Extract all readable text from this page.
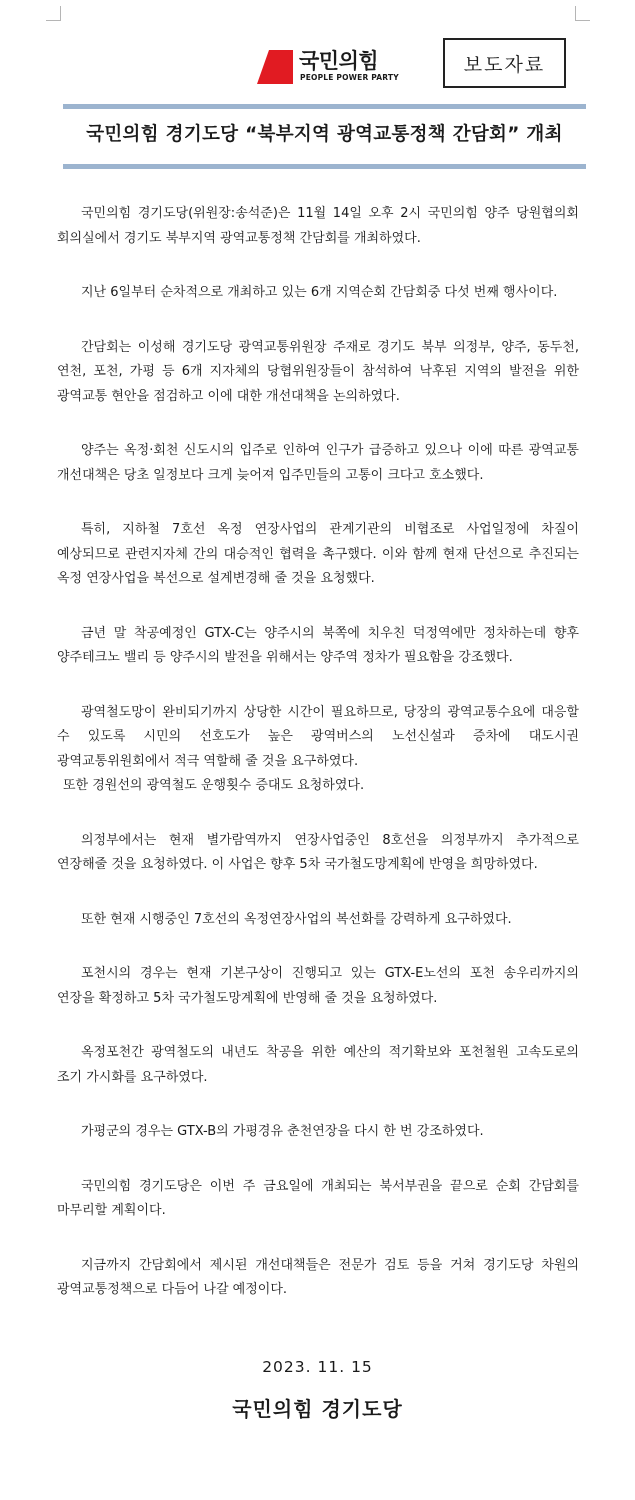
국민의힘
PEOPLE POWER PARTY
보도자료
국민의힘 경기도당 “북부지역 광역교통정책 간담회” 개최

국민의힘 경기도당(위원장:송석준)은 11월 14일 오후 2시 국민의힘 양주 당원협의회 회의실에서 경기도 북부지역 광역교통정책 간담회를 개최하였다.

지난 6일부터 순차적으로 개최하고 있는 6개 지역순회 간담회중 다섯 번째 행사이다.

간담회는 이성해 경기도당 광역교통위원장 주재로 경기도 북부 의정부, 양주, 동두천, 연천, 포천, 가평 등 6개 지자체의 당협위원장들이 참석하여 낙후된 지역의 발전을 위한 광역교통 현안을 점검하고 이에 대한 개선대책을 논의하였다.

양주는 옥정·회천 신도시의 입주로 인하여 인구가 급증하고 있으나 이에 따른 광역교통 개선대책은 당초 일정보다 크게 늦어져 입주민들의 고통이 크다고 호소했다.

특히, 지하철 7호선 옥정 연장사업의 관계기관의 비협조로 사업일정에 차질이 예상되므로 관련지자체 간의 대승적인 협력을 촉구했다. 이와 함께 현재 단선으로 추진되는 옥정 연장사업을 복선으로 설계변경해 줄 것을 요청했다.

금년 말 착공예정인 GTX-C는 양주시의 북쪽에 치우친 덕정역에만 정차하는데 향후 양주테크노 밸리 등 양주시의 발전을 위해서는 양주역 정차가 필요함을 강조했다.

광역철도망이 완비되기까지 상당한 시간이 필요하므로, 당장의 광역교통수요에 대응할 수 있도록 시민의 선호도가 높은 광역버스의 노선신설과 증차에 대도시권 광역교통위원회에서 적극 역할해 줄 것을 요구하였다.

또한 경원선의 광역철도 운행횟수 증대도 요청하였다.

의정부에서는 현재 별가람역까지 연장사업중인 8호선을 의정부까지 추가적으로 연장해줄 것을 요청하였다. 이 사업은 향후 5차 국가철도망계획에 반영을 희망하였다.

또한 현재 시행중인 7호선의 옥정연장사업의 복선화를 강력하게 요구하였다.

포천시의 경우는 현재 기본구상이 진행되고 있는 GTX-E노선의 포천 송우리까지의 연장을 확정하고 5차 국가철도망계획에 반영해 줄 것을 요청하였다.

옥정포천간 광역철도의 내년도 착공을 위한 예산의 적기확보와 포천철원 고속도로의 조기 가시화를 요구하였다.

가평군의 경우는 GTX-B의 가평경유 춘천연장을 다시 한 번 강조하였다.

국민의힘 경기도당은 이번 주 금요일에 개최되는 북서부권을 끝으로 순회 간담회를 마무리할 계획이다.

지금까지 간담회에서 제시된 개선대책들은 전문가 검토 등을 거쳐 경기도당 차원의 광역교통정책으로 다듬어 나갈 예정이다.

2023. 11. 15
국민의힘 경기도당
